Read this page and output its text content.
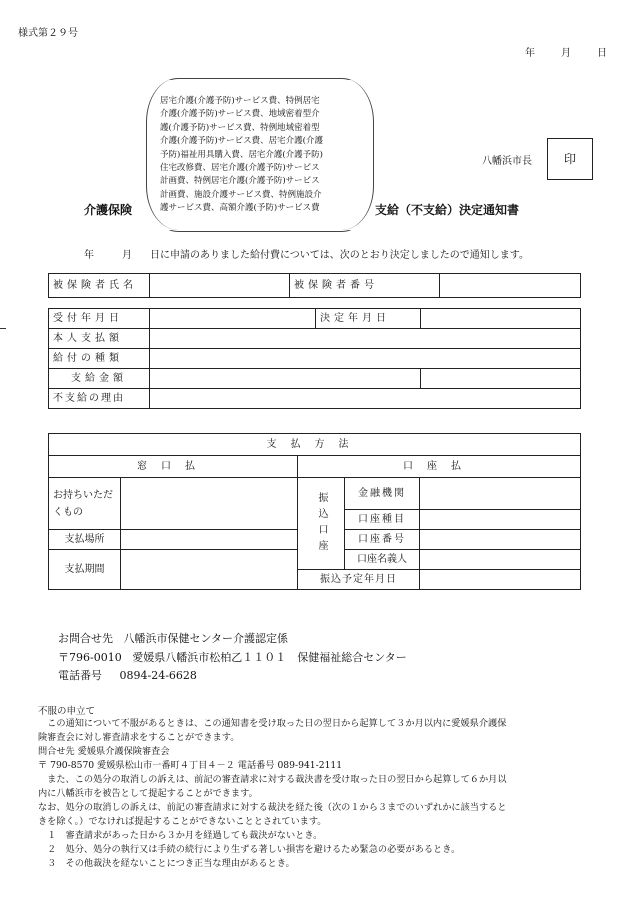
様式第２９号
年	月	日
介護保険
居宅介護(介護予防)サービス費、特例居宅
介護(介護予防)サービス費、地域密着型介
護(介護予防)サービス費、特例地域密着型
介護(介護予防)サービス費、居宅介護(介護
予防)福祉用具購入費、居宅介護(介護予防)
住宅改修費、居宅介護(介護予防)サービス
計画費、特例居宅介護(介護予防)サービス
計画費、施設介護サービス費、特例施設介
護サービス費、高額介護(予防)サービス費	支給（不支給）決定通知書
八幡浜市長	印
年	月 日に申請のありました給付費については、次のとおり決定しましたので通知します。
被保険者氏名		被保険者番号	
受付年月日		決定年月日	
本人支払額			
給付の種類			
支給金額			
不支給の理由			
支払方法				
窓口払		口座払		
お持ちいただくもの		振込口座	金融機関	
			口座種目	
支払場所			口座番号	
支払期間			口座名義人	
		振込予定年月日		
お問合せ先 八幡浜市保健センター介護認定係
〒796-0010 愛媛県八幡浜市松柏乙１１０１　保健福祉総合センター
電話番号 0894-24-6628
不服の申立て
　この通知について不服があるときは、この通知書を受け取った日の翌日から起算して３か月以内に愛媛県介護保
険審査会に対し審査請求をすることができます。
問合せ先 愛媛県介護保険審査会
〒 790-8570 愛媛県松山市一番町４丁目４－２ 電話番号 089-941-2111
　また、この処分の取消しの訴えは、前記の審査請求に対する裁決書を受け取った日の翌日から起算して６か月以
内に八幡浜市を被告として提起することができます。
なお、処分の取消しの訴えは、前記の審査請求に対する裁決を経た後（次の１から３までのいずれかに該当すると
きを除く。）でなければ提起することができないこととされています。
　１　審査請求があった日から３か月を経過しても裁決がないとき。
　２　処分、処分の執行又は手続の続行により生ずる著しい損害を避けるため緊急の必要があるとき。
　３　その他裁決を経ないことにつき正当な理由があるとき。
